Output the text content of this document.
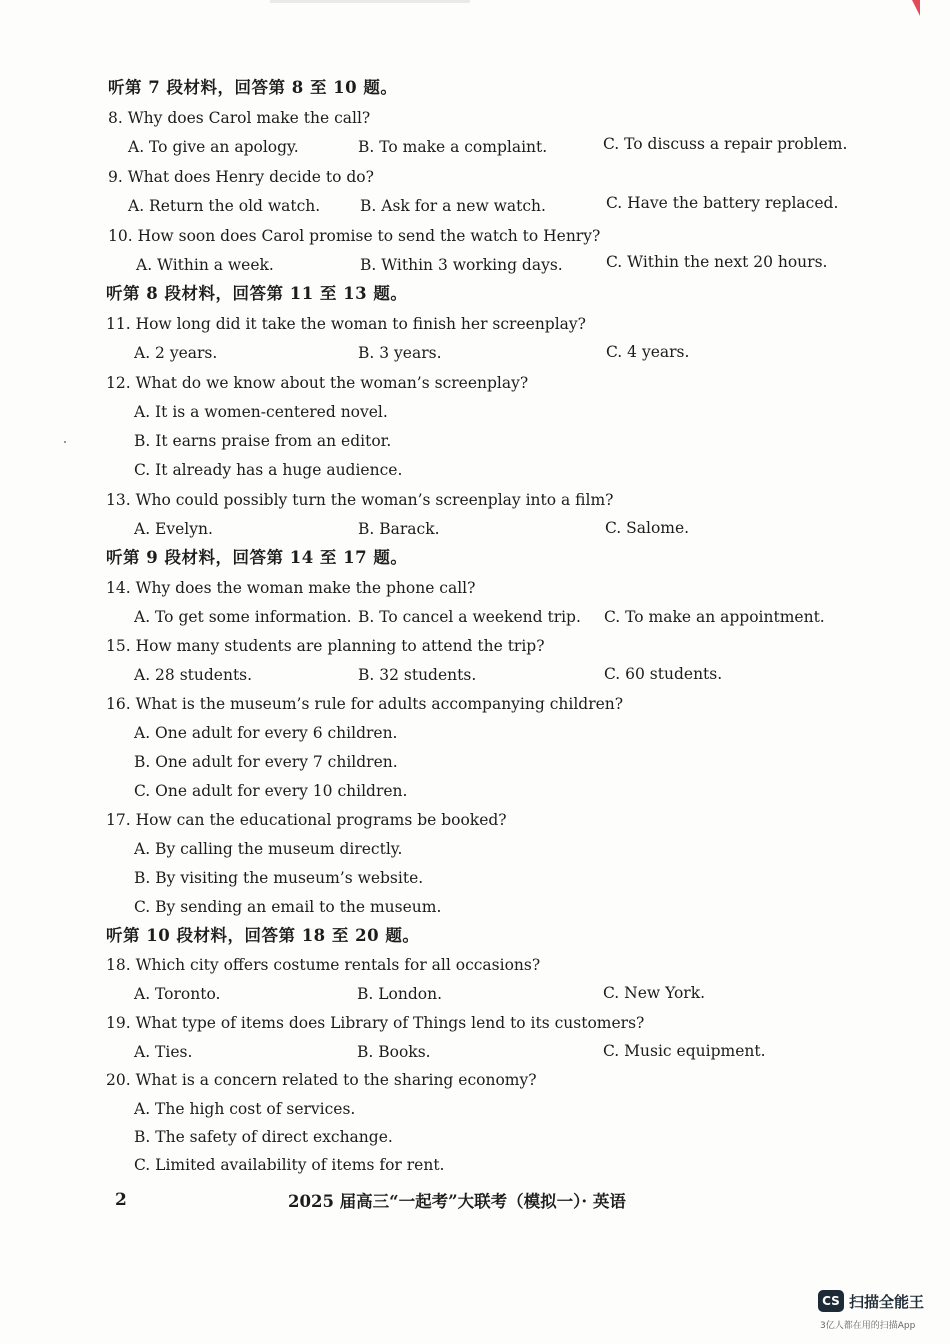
听第 7 段材料，回答第 8 至 10 题。
8. Why does Carol make the call?
A. To give an apology.	B. To make a complaint.	C. To discuss a repair problem.
9. What does Henry decide to do?
A. Return the old watch.	B. Ask for a new watch.	C. Have the battery replaced.
10. How soon does Carol promise to send the watch to Henry?
A. Within a week.	B. Within 3 working days.	C. Within the next 20 hours.
听第 8 段材料，回答第 11 至 13 题。
11. How long did it take the woman to finish her screenplay?
A. 2 years.	B. 3 years.	C. 4 years.
12. What do we know about the woman’s screenplay?
A. It is a women-centered novel.
B. It earns praise from an editor.
C. It already has a huge audience.
13. Who could possibly turn the woman’s screenplay into a film?
A. Evelyn.	B. Barack.	C. Salome.
听第 9 段材料，回答第 14 至 17 题。
14. Why does the woman make the phone call?
A. To get some information. B. To cancel a weekend trip. C. To make an appointment.
15. How many students are planning to attend the trip?
A. 28 students.	B. 32 students.	C. 60 students.
16. What is the museum’s rule for adults accompanying children?
A. One adult for every 6 children.
B. One adult for every 7 children.
C. One adult for every 10 children.
17. How can the educational programs be booked?
A. By calling the museum directly.
B. By visiting the museum’s website.
C. By sending an email to the museum.
听第 10 段材料，回答第 18 至 20 题。
18. Which city offers costume rentals for all occasions?
A. Toronto.	B. London.	C. New York.
19. What type of items does Library of Things lend to its customers?
A. Ties.	B. Books.	C. Music equipment.
20. What is a concern related to the sharing economy?
A. The high cost of services.
B. The safety of direct exchange.
C. Limited availability of items for rent.
2	2025 届高三“一起考”大联考（模拟一）· 英语
CS 扫描全能王
3亿人都在用的扫描App
